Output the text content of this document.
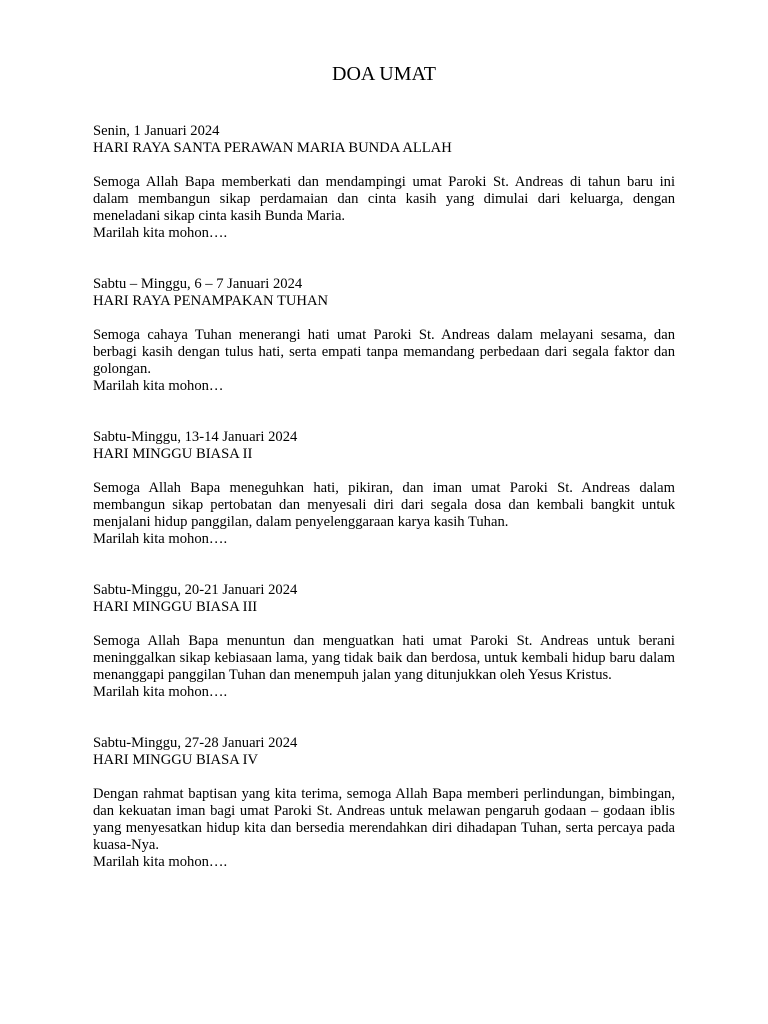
DOA UMAT

Senin, 1 Januari 2024

HARI RAYA SANTA PERAWAN MARIA BUNDA ALLAH

Semoga Allah Bapa memberkati dan mendampingi umat Paroki St. Andreas di tahun baru ini dalam membangun sikap perdamaian dan cinta kasih yang dimulai dari keluarga, dengan meneladani sikap cinta kasih Bunda Maria.

Marilah kita mohon….

Sabtu – Minggu, 6 – 7 Januari 2024

HARI RAYA PENAMPAKAN TUHAN

Semoga cahaya Tuhan menerangi hati umat Paroki St. Andreas dalam melayani sesama, dan berbagi kasih dengan tulus hati, serta empati tanpa memandang perbedaan dari segala faktor dan golongan.

Marilah kita mohon…

Sabtu-Minggu, 13-14 Januari 2024

HARI MINGGU BIASA II

Semoga Allah Bapa meneguhkan hati, pikiran, dan iman umat Paroki St. Andreas dalam membangun sikap pertobatan dan menyesali diri dari segala dosa dan kembali bangkit untuk menjalani hidup panggilan, dalam penyelenggaraan karya kasih Tuhan.

Marilah kita mohon….

Sabtu-Minggu, 20-21 Januari 2024

HARI MINGGU BIASA III

Semoga Allah Bapa menuntun dan menguatkan hati umat Paroki St. Andreas untuk berani meninggalkan sikap kebiasaan lama, yang tidak baik dan berdosa, untuk kembali hidup baru dalam menanggapi panggilan Tuhan dan menempuh jalan yang ditunjukkan oleh Yesus Kristus.

Marilah kita mohon….

Sabtu-Minggu, 27-28 Januari 2024

HARI MINGGU BIASA IV

Dengan rahmat baptisan yang kita terima, semoga Allah Bapa memberi perlindungan, bimbingan, dan kekuatan iman bagi umat Paroki St. Andreas untuk melawan pengaruh godaan – godaan iblis yang menyesatkan hidup kita dan bersedia merendahkan diri dihadapan Tuhan, serta percaya pada kuasa-Nya.

Marilah kita mohon….
